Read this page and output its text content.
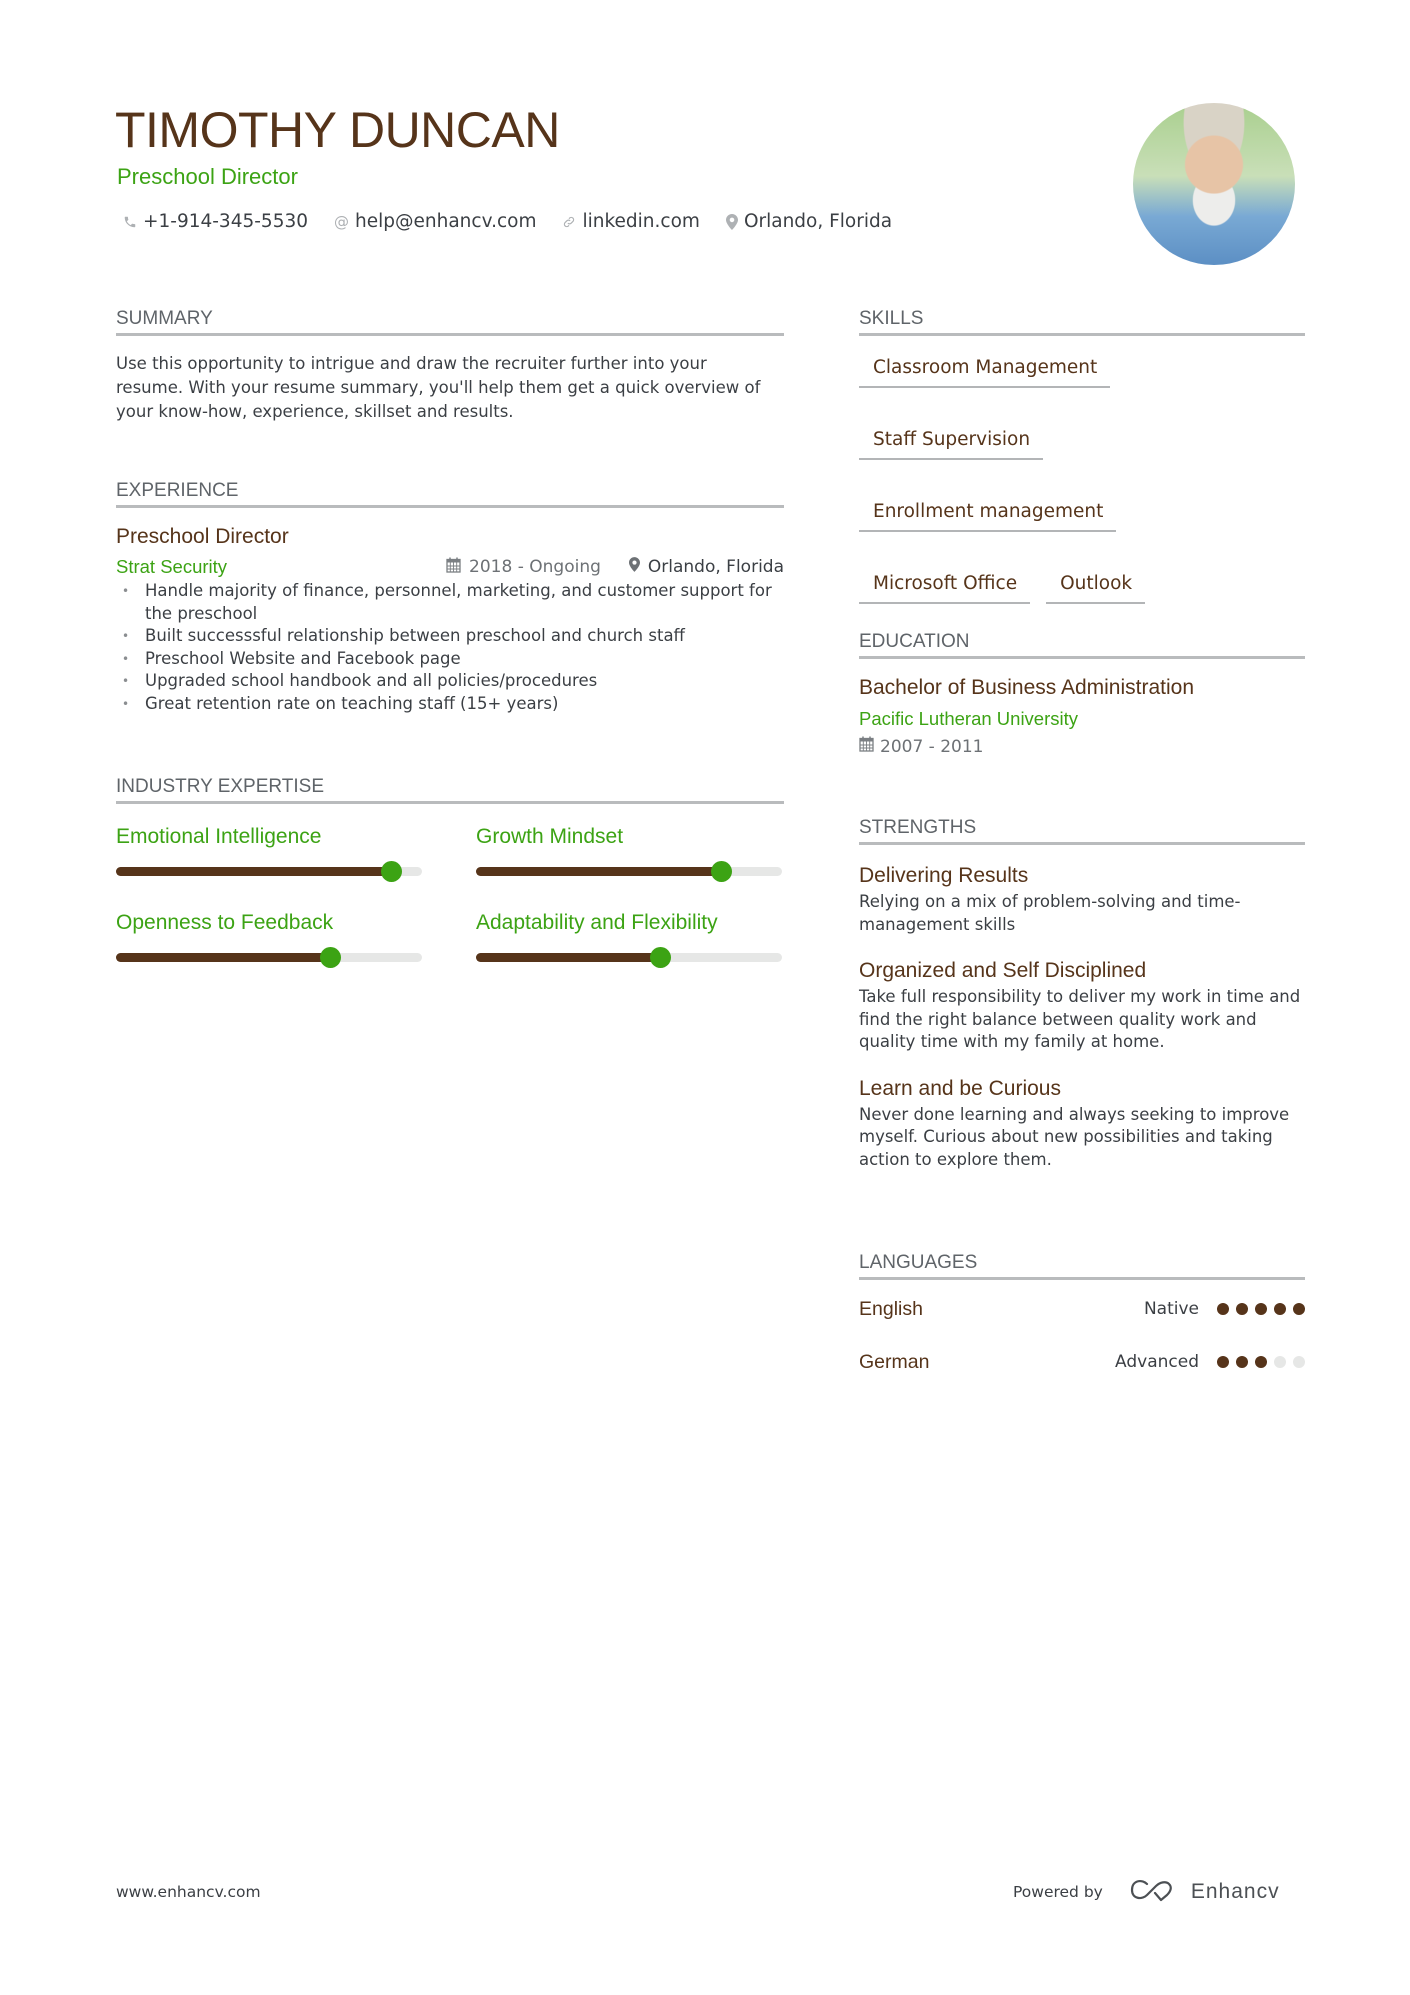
TIMOTHY DUNCAN
Preschool Director
+1-914-345-5530 @ help@enhancv.com linkedin.com Orlando, Florida
SUMMARY

Use this opportunity to intrigue and draw the recruiter further into your resume. With your resume summary, you'll help them get a quick overview of your know-how, experience, skillset and results.

EXPERIENCE
Preschool Director
Strat Security	2018 - Ongoing	Orlando, Florida
• Handle majority of finance, personnel, marketing, and customer support for the preschool
• Built successsful relationship between preschool and church staff
• Preschool Website and Facebook page
• Upgraded school handbook and all policies/procedures
• Great retention rate on teaching staff (15+ years)
INDUSTRY EXPERTISE
Emotional Intelligence	Growth Mindset
Openness to Feedback	Adaptability and Flexibility
SKILLS
Classroom Management
Staff Supervision
Enrollment management
Microsoft Office	Outlook
EDUCATION
Bachelor of Business Administration
Pacific Lutheran University
2007 - 2011
STRENGTHS
Delivering Results
Relying on a mix of problem-solving and time-management skills
Organized and Self Disciplined
Take full responsibility to deliver my work in time and find the right balance between quality work and quality time with my family at home.
Learn and be Curious
Never done learning and always seeking to improve myself. Curious about new possibilities and taking action to explore them.
LANGUAGES
English	Native
German	Advanced
www.enhancv.com	Powered by	Enhancv
